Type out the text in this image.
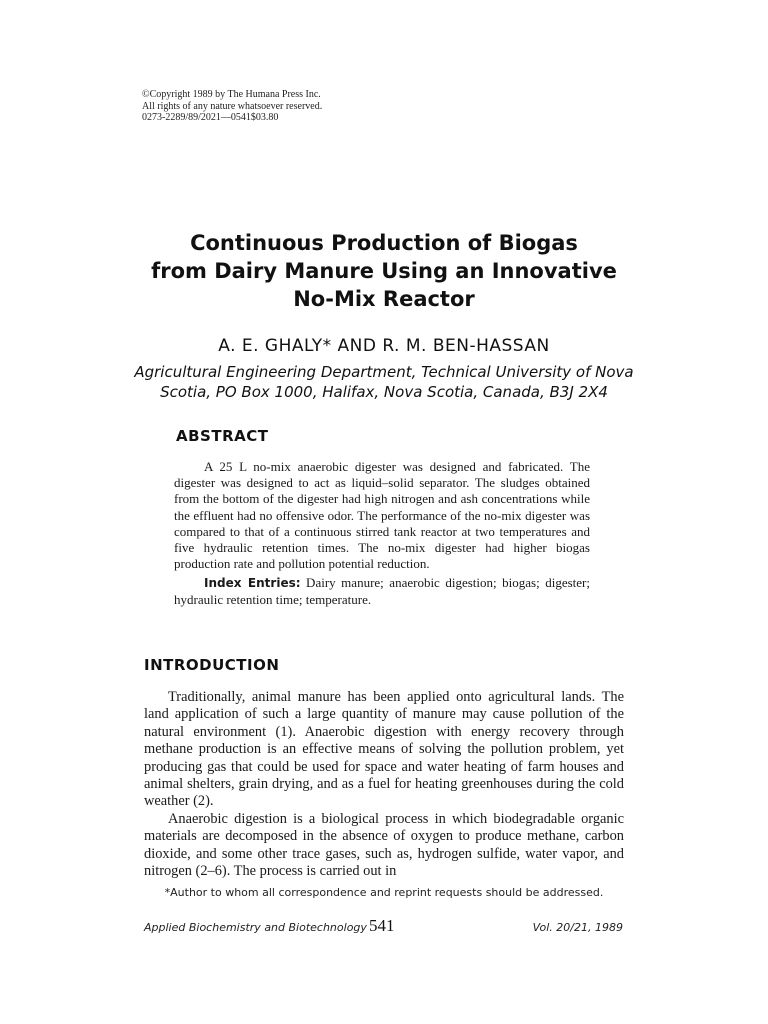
©Copyright 1989 by The Humana Press Inc.
All rights of any nature whatsoever reserved.
0273-2289/89/2021—0541$03.80
Continuous Production of Biogas
from Dairy Manure Using an Innovative
No-Mix Reactor
A. E. GHALY* AND R. M. BEN-HASSAN
Agricultural Engineering Department, Technical University of Nova
Scotia, PO Box 1000, Halifax, Nova Scotia, Canada, B3J 2X4
ABSTRACT

A 25 L no-mix anaerobic digester was designed and fabricated. The digester was designed to act as liquid–solid separator. The sludges obtained from the bottom of the digester had high nitrogen and ash concentrations while the effluent had no offensive odor. The performance of the no-mix digester was compared to that of a continuous stirred tank reactor at two temperatures and five hydraulic retention times. The no-mix digester had higher biogas production rate and pollution potential reduction.

Index Entries: Dairy manure; anaerobic digestion; biogas; digester; hydraulic retention time; temperature.

INTRODUCTION

Traditionally, animal manure has been applied onto agricultural lands. The land application of such a large quantity of manure may cause pollution of the natural environment (1). Anaerobic digestion with energy recovery through methane production is an effective means of solving the pollution problem, yet producing gas that could be used for space and water heating of farm houses and animal shelters, grain drying, and as a fuel for heating greenhouses during the cold weather (2).

Anaerobic digestion is a biological process in which biodegradable organic materials are decomposed in the absence of oxygen to produce methane, carbon dioxide, and some other trace gases, such as, hydrogen sulfide, water vapor, and nitrogen (2–6). The process is carried out in

*Author to whom all correspondence and reprint requests should be addressed.
Applied Biochemistry and Biotechnology 541	Vol. 20/21, 1989
